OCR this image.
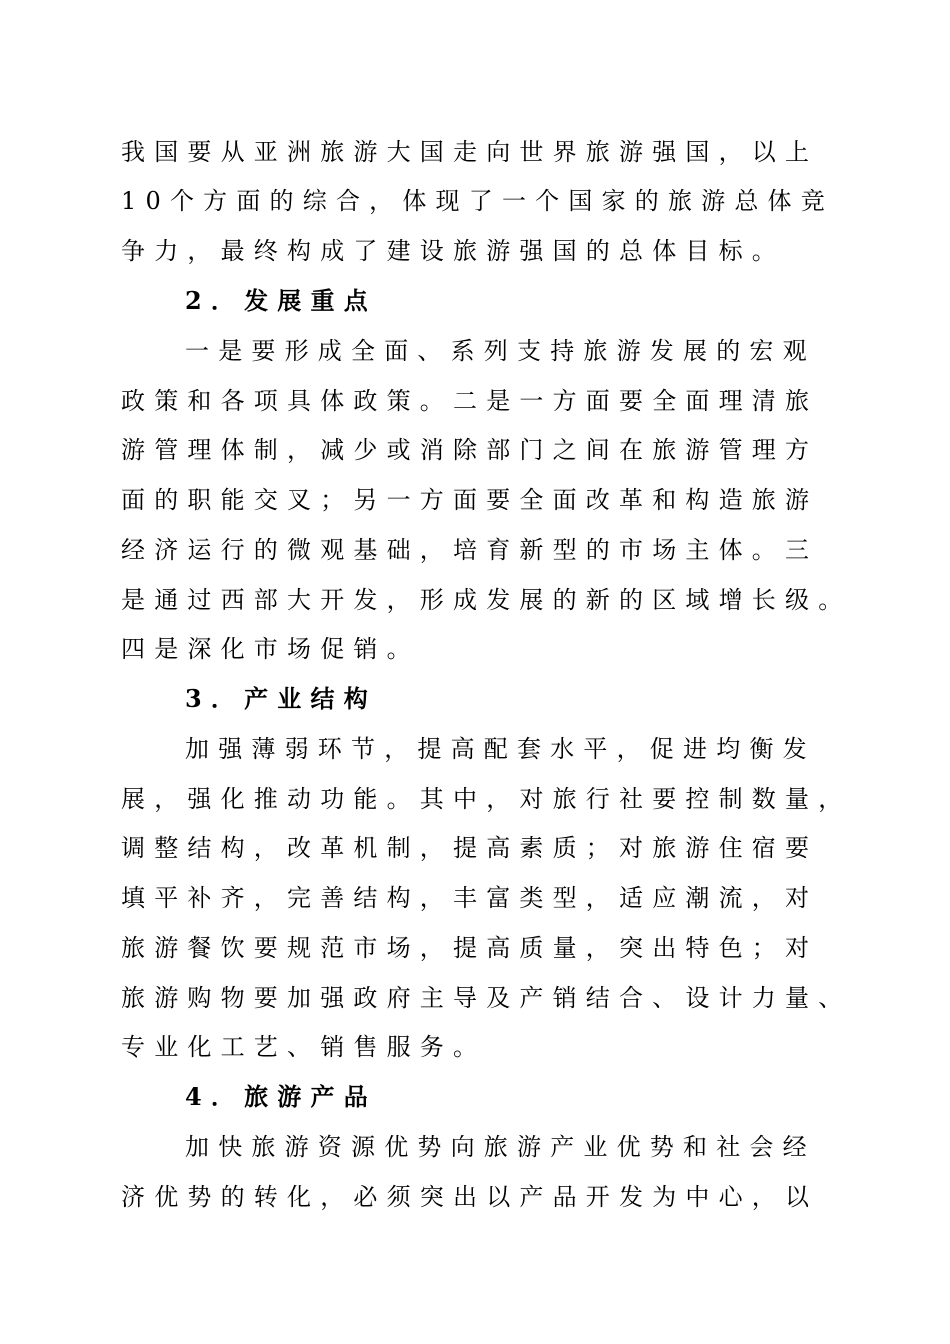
我国要从亚洲旅游大国走向世界旅游强国，以上
10个方面的综合，体现了一个国家的旅游总体竞
争力，最终构成了建设旅游强国的总体目标。
2．发展重点
一是要形成全面、系列支持旅游发展的宏观
政策和各项具体政策。二是一方面要全面理清旅
游管理体制，减少或消除部门之间在旅游管理方
面的职能交叉；另一方面要全面改革和构造旅游
经济运行的微观基础，培育新型的市场主体。三
是通过西部大开发，形成发展的新的区域增长级。
四是深化市场促销。
3．产业结构
加强薄弱环节，提高配套水平，促进均衡发
展，强化推动功能。其中，对旅行社要控制数量，
调整结构，改革机制，提高素质；对旅游住宿要
填平补齐，完善结构，丰富类型，适应潮流，对
旅游餐饮要规范市场，提高质量，突出特色；对
旅游购物要加强政府主导及产销结合、设计力量、
专业化工艺、销售服务。
4．旅游产品
加快旅游资源优势向旅游产业优势和社会经
济优势的转化，必须突出以产品开发为中心，以
